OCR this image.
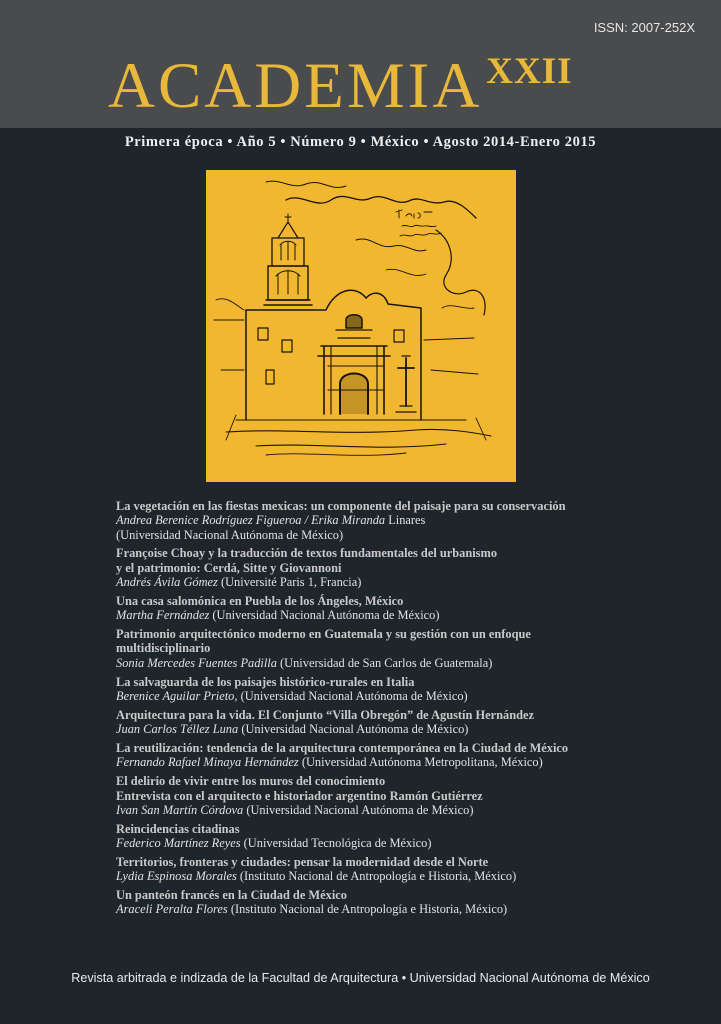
ISSN: 2007-252X
ACADEMIA $^{XXII}$
Primera época • Año 5 • Número 9 • México • Agosto 2014-Enero 2015
La vegetación en las fiestas mexicas: un componente del paisaje para su conservación
Andrea Berenice Rodríguez Figueroa / Erika Miranda Linares
(Universidad Nacional Autónoma de México)
Françoise Choay y la traducción de textos fundamentales del urbanismo
y el patrimonio: Cerdá, Sitte y Giovannoni
Andrés Ávila Gómez (Université Paris 1, Francia)
Una casa salomónica en Puebla de los Ángeles, México
Martha Fernández (Universidad Nacional Autónoma de México)
Patrimonio arquitectónico moderno en Guatemala y su gestión con un enfoque
multidisciplinario
Sonia Mercedes Fuentes Padilla (Universidad de San Carlos de Guatemala)
La salvaguarda de los paisajes histórico-rurales en Italia
Berenice Aguilar Prieto, (Universidad Nacional Autónoma de México)
Arquitectura para la vida. El Conjunto “Villa Obregón” de Agustín Hernández
Juan Carlos Téllez Luna (Universidad Nacional Autónoma de México)
La reutilización: tendencia de la arquitectura contemporánea en la Ciudad de México
Fernando Rafael Minaya Hernández (Universidad Autónoma Metropolitana, México)
El delirio de vivir entre los muros del conocimiento
Entrevista con el arquitecto e historiador argentino Ramón Gutiérrez
Ivan San Martín Córdova (Universidad Nacional Autónoma de México)
Reincidencias citadinas
Federico Martínez Reyes (Universidad Tecnológica de México)
Territorios, fronteras y ciudades: pensar la modernidad desde el Norte
Lydia Espinosa Morales (Instituto Nacional de Antropología e Historia, México)
Un panteón francés en la Ciudad de México
Araceli Peralta Flores (Instituto Nacional de Antropología e Historia, México)
Revista arbitrada e indizada de la Facultad de Arquitectura • Universidad Nacional Autónoma de México
